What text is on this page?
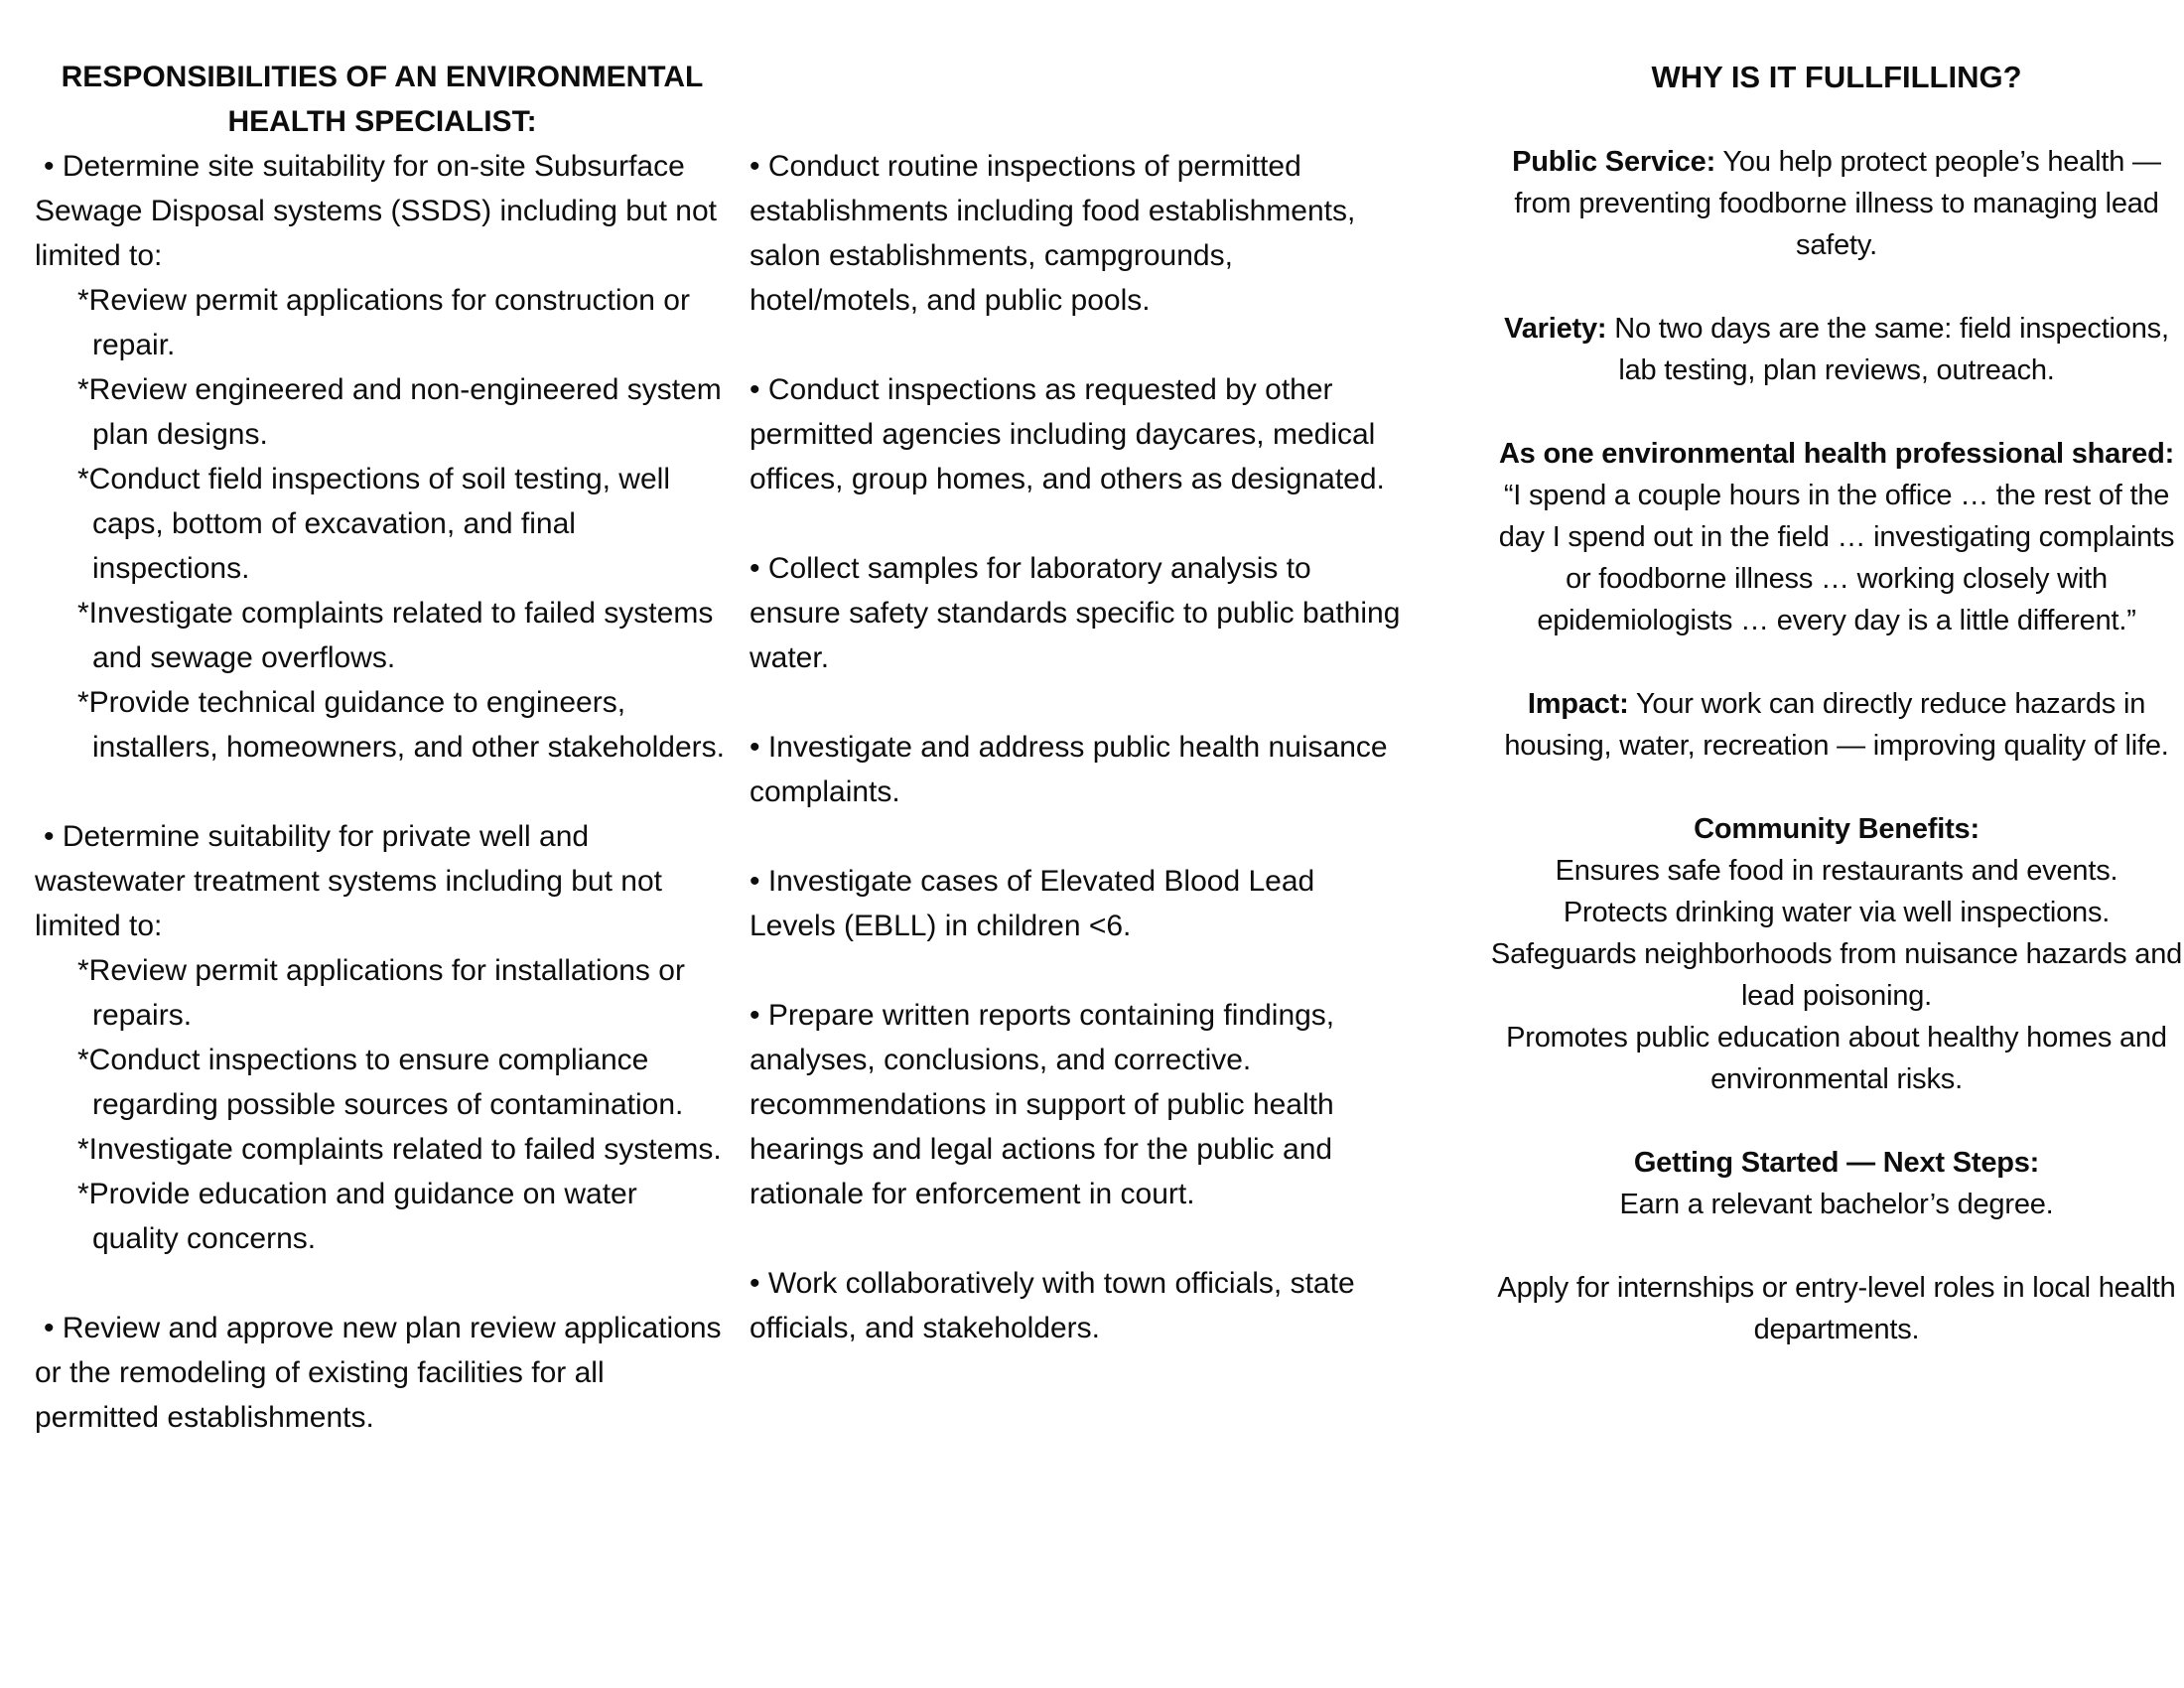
RESPONSIBILITIES OF AN ENVIRONMENTAL HEALTH SPECIALIST:
• Determine site suitability for on-site Subsurface Sewage Disposal systems (SSDS) including but not limited to:
*Review permit applications for construction or repair.
*Review engineered and non-engineered system plan designs.
*Conduct field inspections of soil testing, well caps, bottom of excavation, and final inspections.
*Investigate complaints related to failed systems and sewage overflows.
*Provide technical guidance to engineers, installers, homeowners, and other stakeholders.
• Determine suitability for private well and wastewater treatment systems including but not limited to:
*Review permit applications for installations or repairs.
*Conduct inspections to ensure compliance regarding possible sources of contamination.
*Investigate complaints related to failed systems.
*Provide education and guidance on water quality concerns.
• Review and approve new plan review applications or the remodeling of existing facilities for all permitted establishments.
• Conduct routine inspections of permitted establishments including food establishments, salon establishments, campgrounds, hotel/motels, and public pools.
• Conduct inspections as requested by other permitted agencies including daycares, medical offices, group homes, and others as designated.
• Collect samples for laboratory analysis to ensure safety standards specific to public bathing water.
• Investigate and address public health nuisance complaints.
• Investigate cases of Elevated Blood Lead Levels (EBLL) in children <6.
• Prepare written reports containing findings, analyses, conclusions, and corrective. recommendations in support of public health hearings and legal actions for the public and rationale for enforcement in court.
• Work collaboratively with town officials, state officials, and stakeholders.
WHY IS IT FULLFILLING?
Public Service: You help protect people’s health — from preventing foodborne illness to managing lead safety.
Variety: No two days are the same: field inspections, lab testing, plan reviews, outreach.
As one environmental health professional shared:
“I spend a couple hours in the office … the rest of the day I spend out in the field … investigating complaints or foodborne illness … working closely with epidemiologists … every day is a little different.”
Impact: Your work can directly reduce hazards in housing, water, recreation — improving quality of life.
Community Benefits:
Ensures safe food in restaurants and events.
Protects drinking water via well inspections.
Safeguards neighborhoods from nuisance hazards and lead poisoning.
Promotes public education about healthy homes and environmental risks.
Getting Started — Next Steps:
Earn a relevant bachelor’s degree.
Apply for internships or entry-level roles in local health departments.
